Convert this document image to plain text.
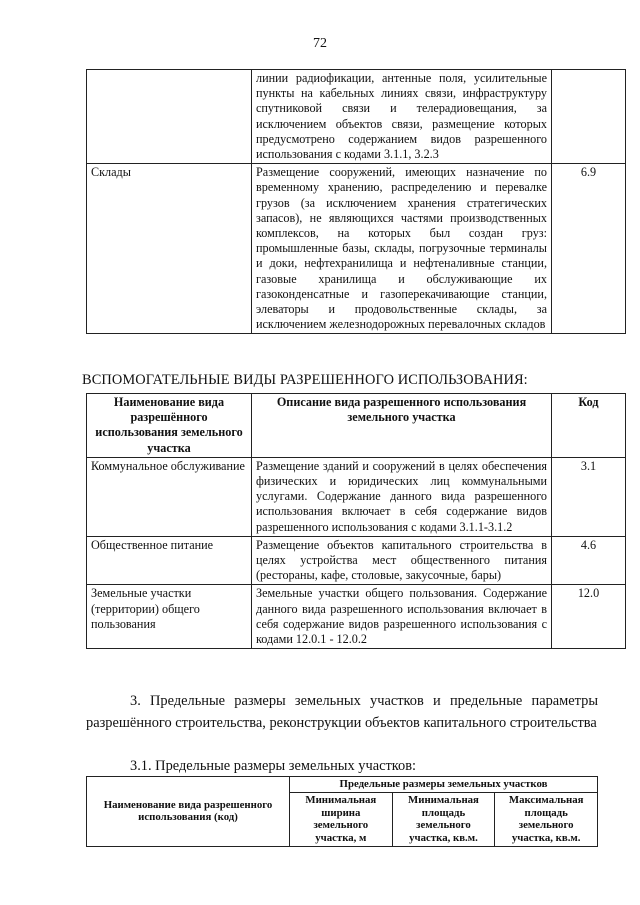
72
	линии радиофикации, антенные поля, усилительные пункты на кабельных линиях связи, инфраструктуру спутниковой связи и телерадиовещания, за исключением объектов связи, размещение которых предусмотрено содержанием видов разрешенного использования с кодами 3.1.1, 3.2.3	
Склады	Размещение сооружений, имеющих назначение по временному хранению, распределению и перевалке грузов (за исключением хранения стратегических запасов), не являющихся частями производственных комплексов, на которых был создан груз: промышленные базы, склады, погрузочные терминалы и доки, нефтехранилища и нефтеналивные станции, газовые хранилища и обслуживающие их газоконденсатные и газоперекачивающие станции, элеваторы и продовольственные склады, за исключением железнодорожных перевалочных складов	6.9
ВСПОМОГАТЕЛЬНЫЕ ВИДЫ РАЗРЕШЕННОГО ИСПОЛЬЗОВАНИЯ:
Наименование вида разрешённого использования земельного участка	Описание вида разрешенного использования земельного участка	Код
Коммунальное обслуживание	Размещение зданий и сооружений в целях обеспечения физических и юридических лиц коммунальными услугами. Содержание данного вида разрешенного использования включает в себя содержание видов разрешенного использования с кодами 3.1.1-3.1.2	3.1
Общественное питание	Размещение объектов капитального строительства в целях устройства мест общественного питания (рестораны, кафе, столовые, закусочные, бары)	4.6
Земельные участки (территории) общего пользования	Земельные участки общего пользования. Содержание данного вида разрешенного использования включает в себя содержание видов разрешенного использования с кодами 12.0.1 - 12.0.2	12.0
3. Предельные размеры земельных участков и предельные параметры разрешённого строительства, реконструкции объектов капитального строительства
3.1. Предельные размеры земельных участков:
Наименование вида разрешенного использования (код)	Предельные размеры земельных участков		
	Минимальная ширина земельного участка, м	Минимальная площадь земельного участка, кв.м.	Максимальная площадь земельного участка, кв.м.
